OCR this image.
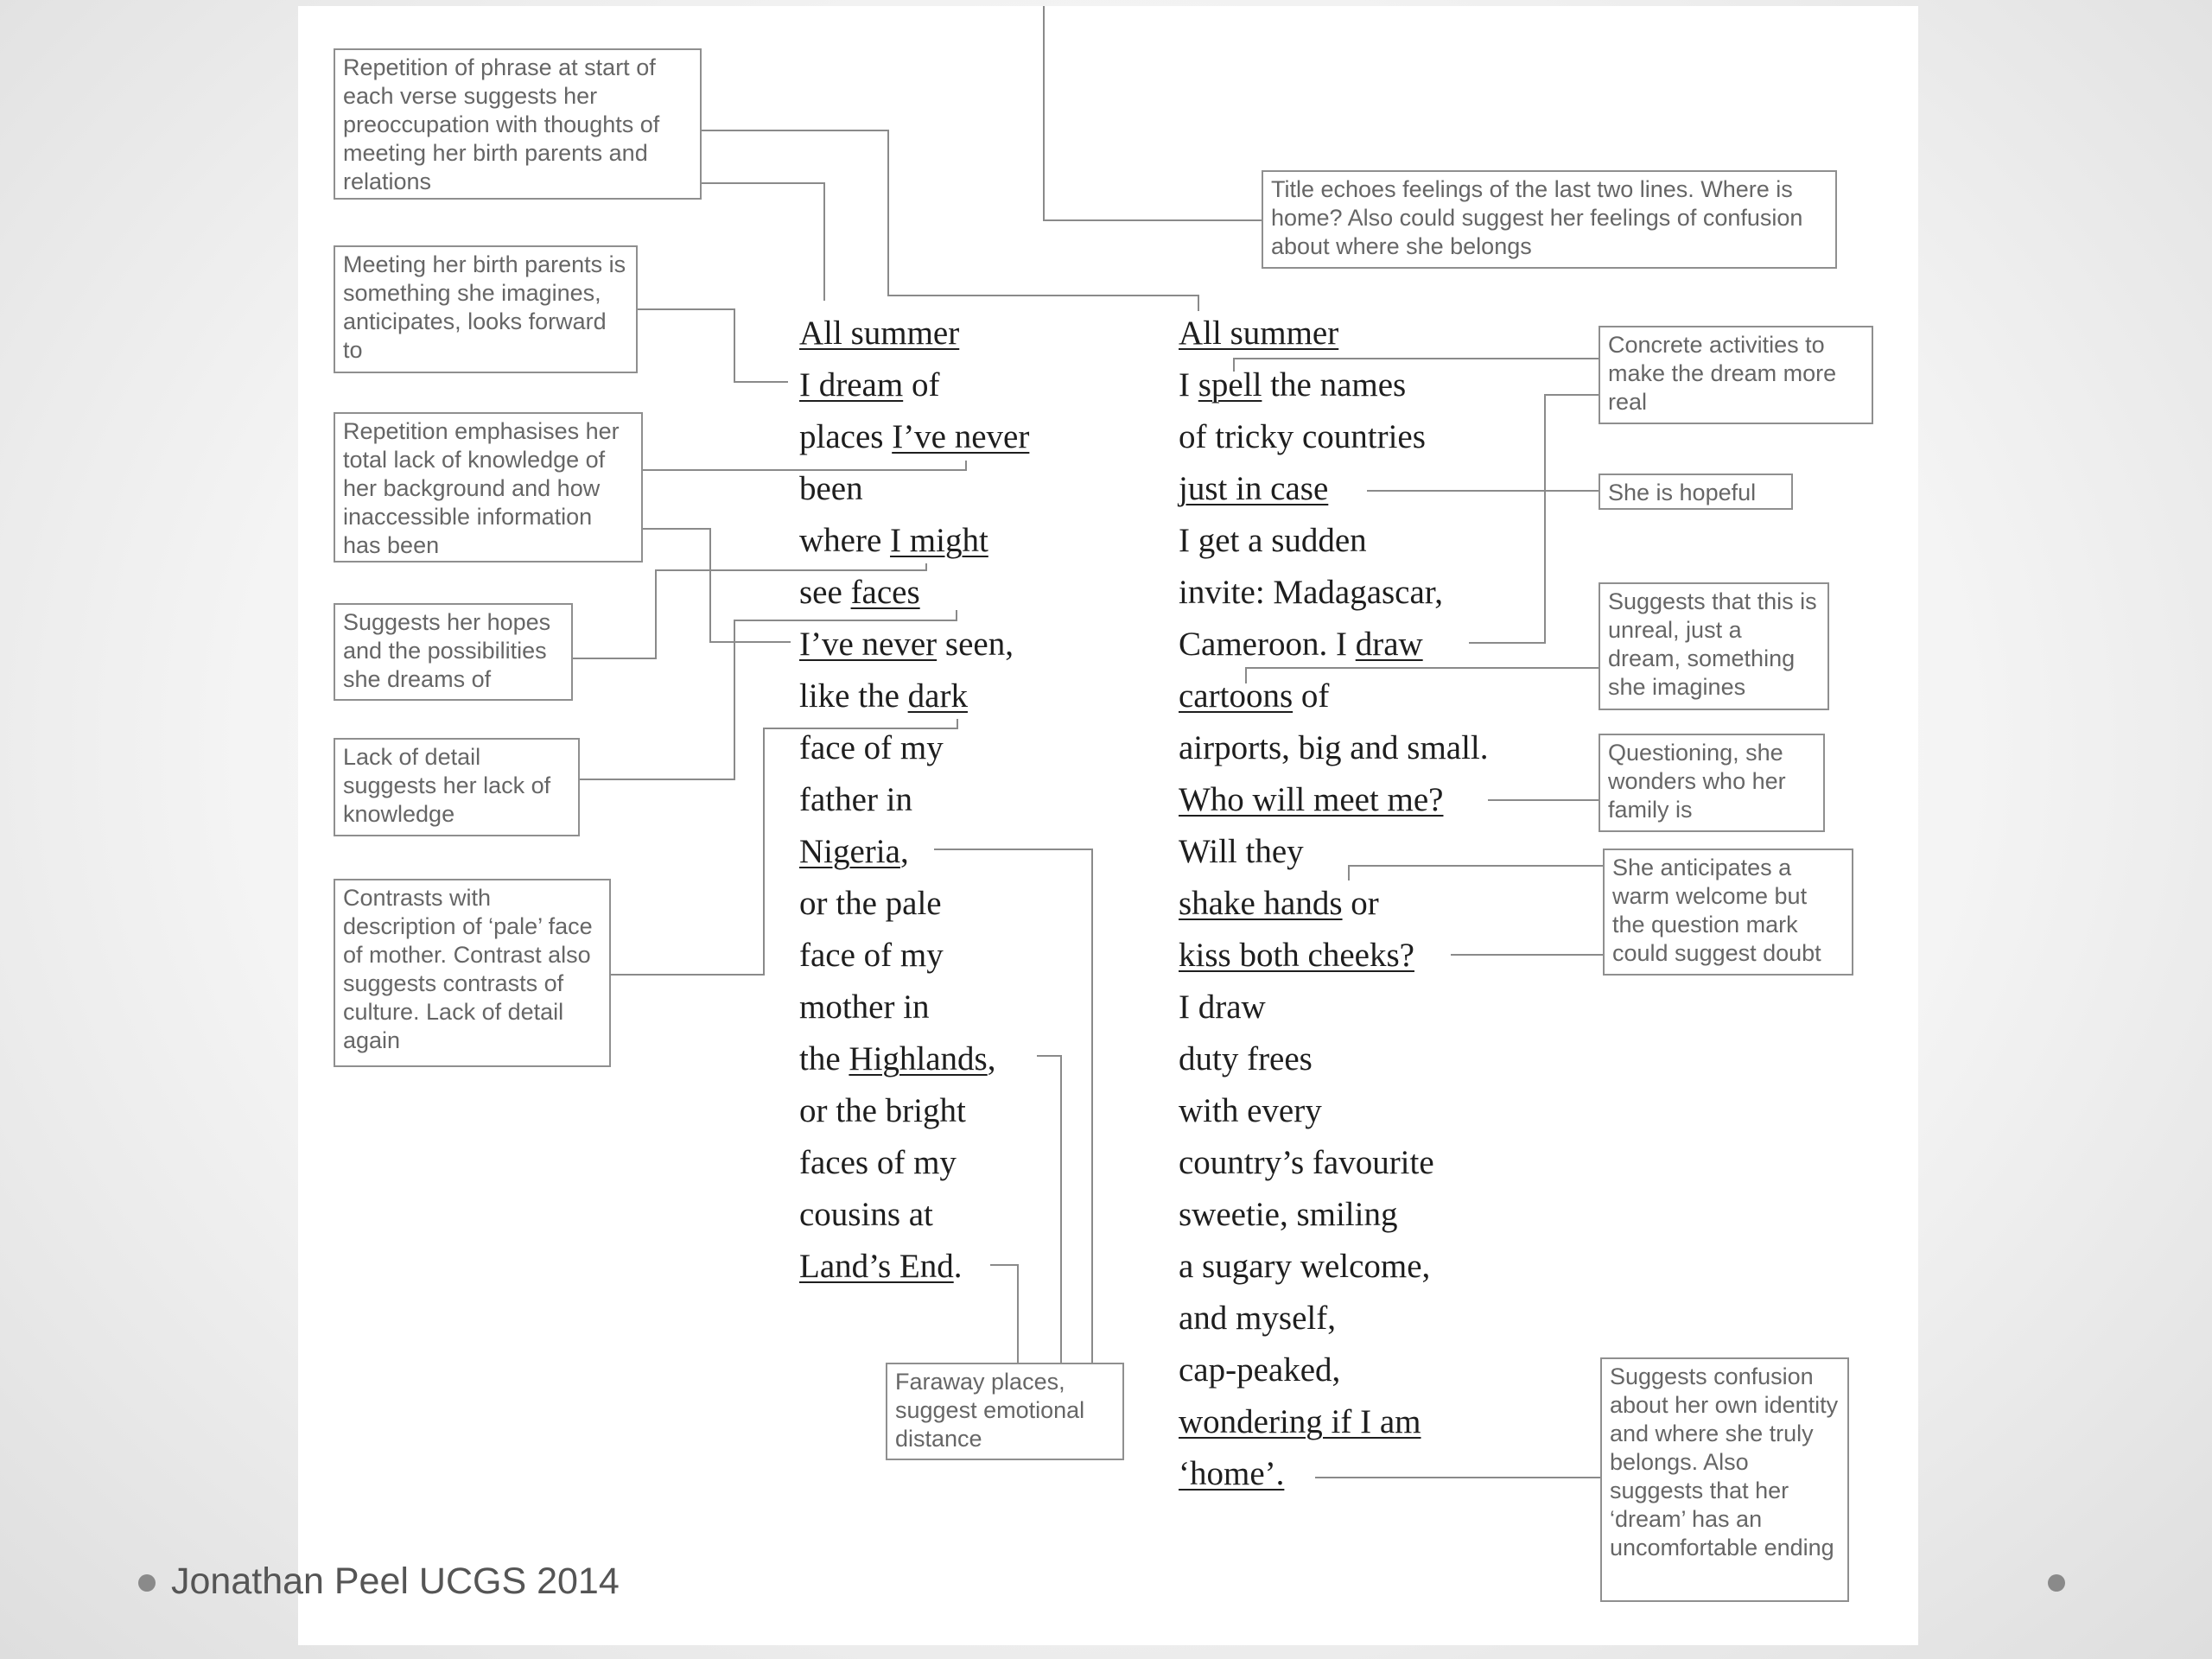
Repetition of phrase at start of each verse suggests her preoccupation with thoughts of meeting her birth parents and relations
Meeting her birth parents is something she imagines, anticipates, looks forward to
Repetition emphasises her total lack of knowledge of her background and how inaccessible information has been
Suggests her hopes and the possibilities she dreams of
Lack of detail suggests her lack of knowledge
Contrasts with description of ‘pale’ face of mother. Contrast also suggests contrasts of culture. Lack of detail again
Faraway places, suggest emotional distance
Title echoes feelings of the last two lines. Where is home? Also could suggest her feelings of confusion about where she belongs
Concrete activities to make the dream more real
She is hopeful
Suggests that this is unreal, just a dream, something she imagines
Questioning, she wonders who her family is
She anticipates a warm welcome but the question mark could suggest doubt
Suggests confusion about her own identity and where she truly belongs. Also suggests that her ‘dream’ has an uncomfortable ending
All summer
I dream of
places I’ve never
been
where I might
see faces
I’ve never seen,
like the dark
face of my
father in
Nigeria,
or the pale
face of my
mother in
the Highlands,
or the bright
faces of my
cousins at
Land’s End.
All summer
I spell the names
of tricky countries
just in case
I get a sudden
invite: Madagascar,
Cameroon. I draw
cartoons of
airports, big and small.
Who will meet me?
Will they
shake hands or
kiss both cheeks?
I draw
duty frees
with every
country’s favourite
sweetie, smiling
a sugary welcome,
and myself,
cap-peaked,
wondering if I am
‘home’.
Jonathan Peel UCGS 2014
